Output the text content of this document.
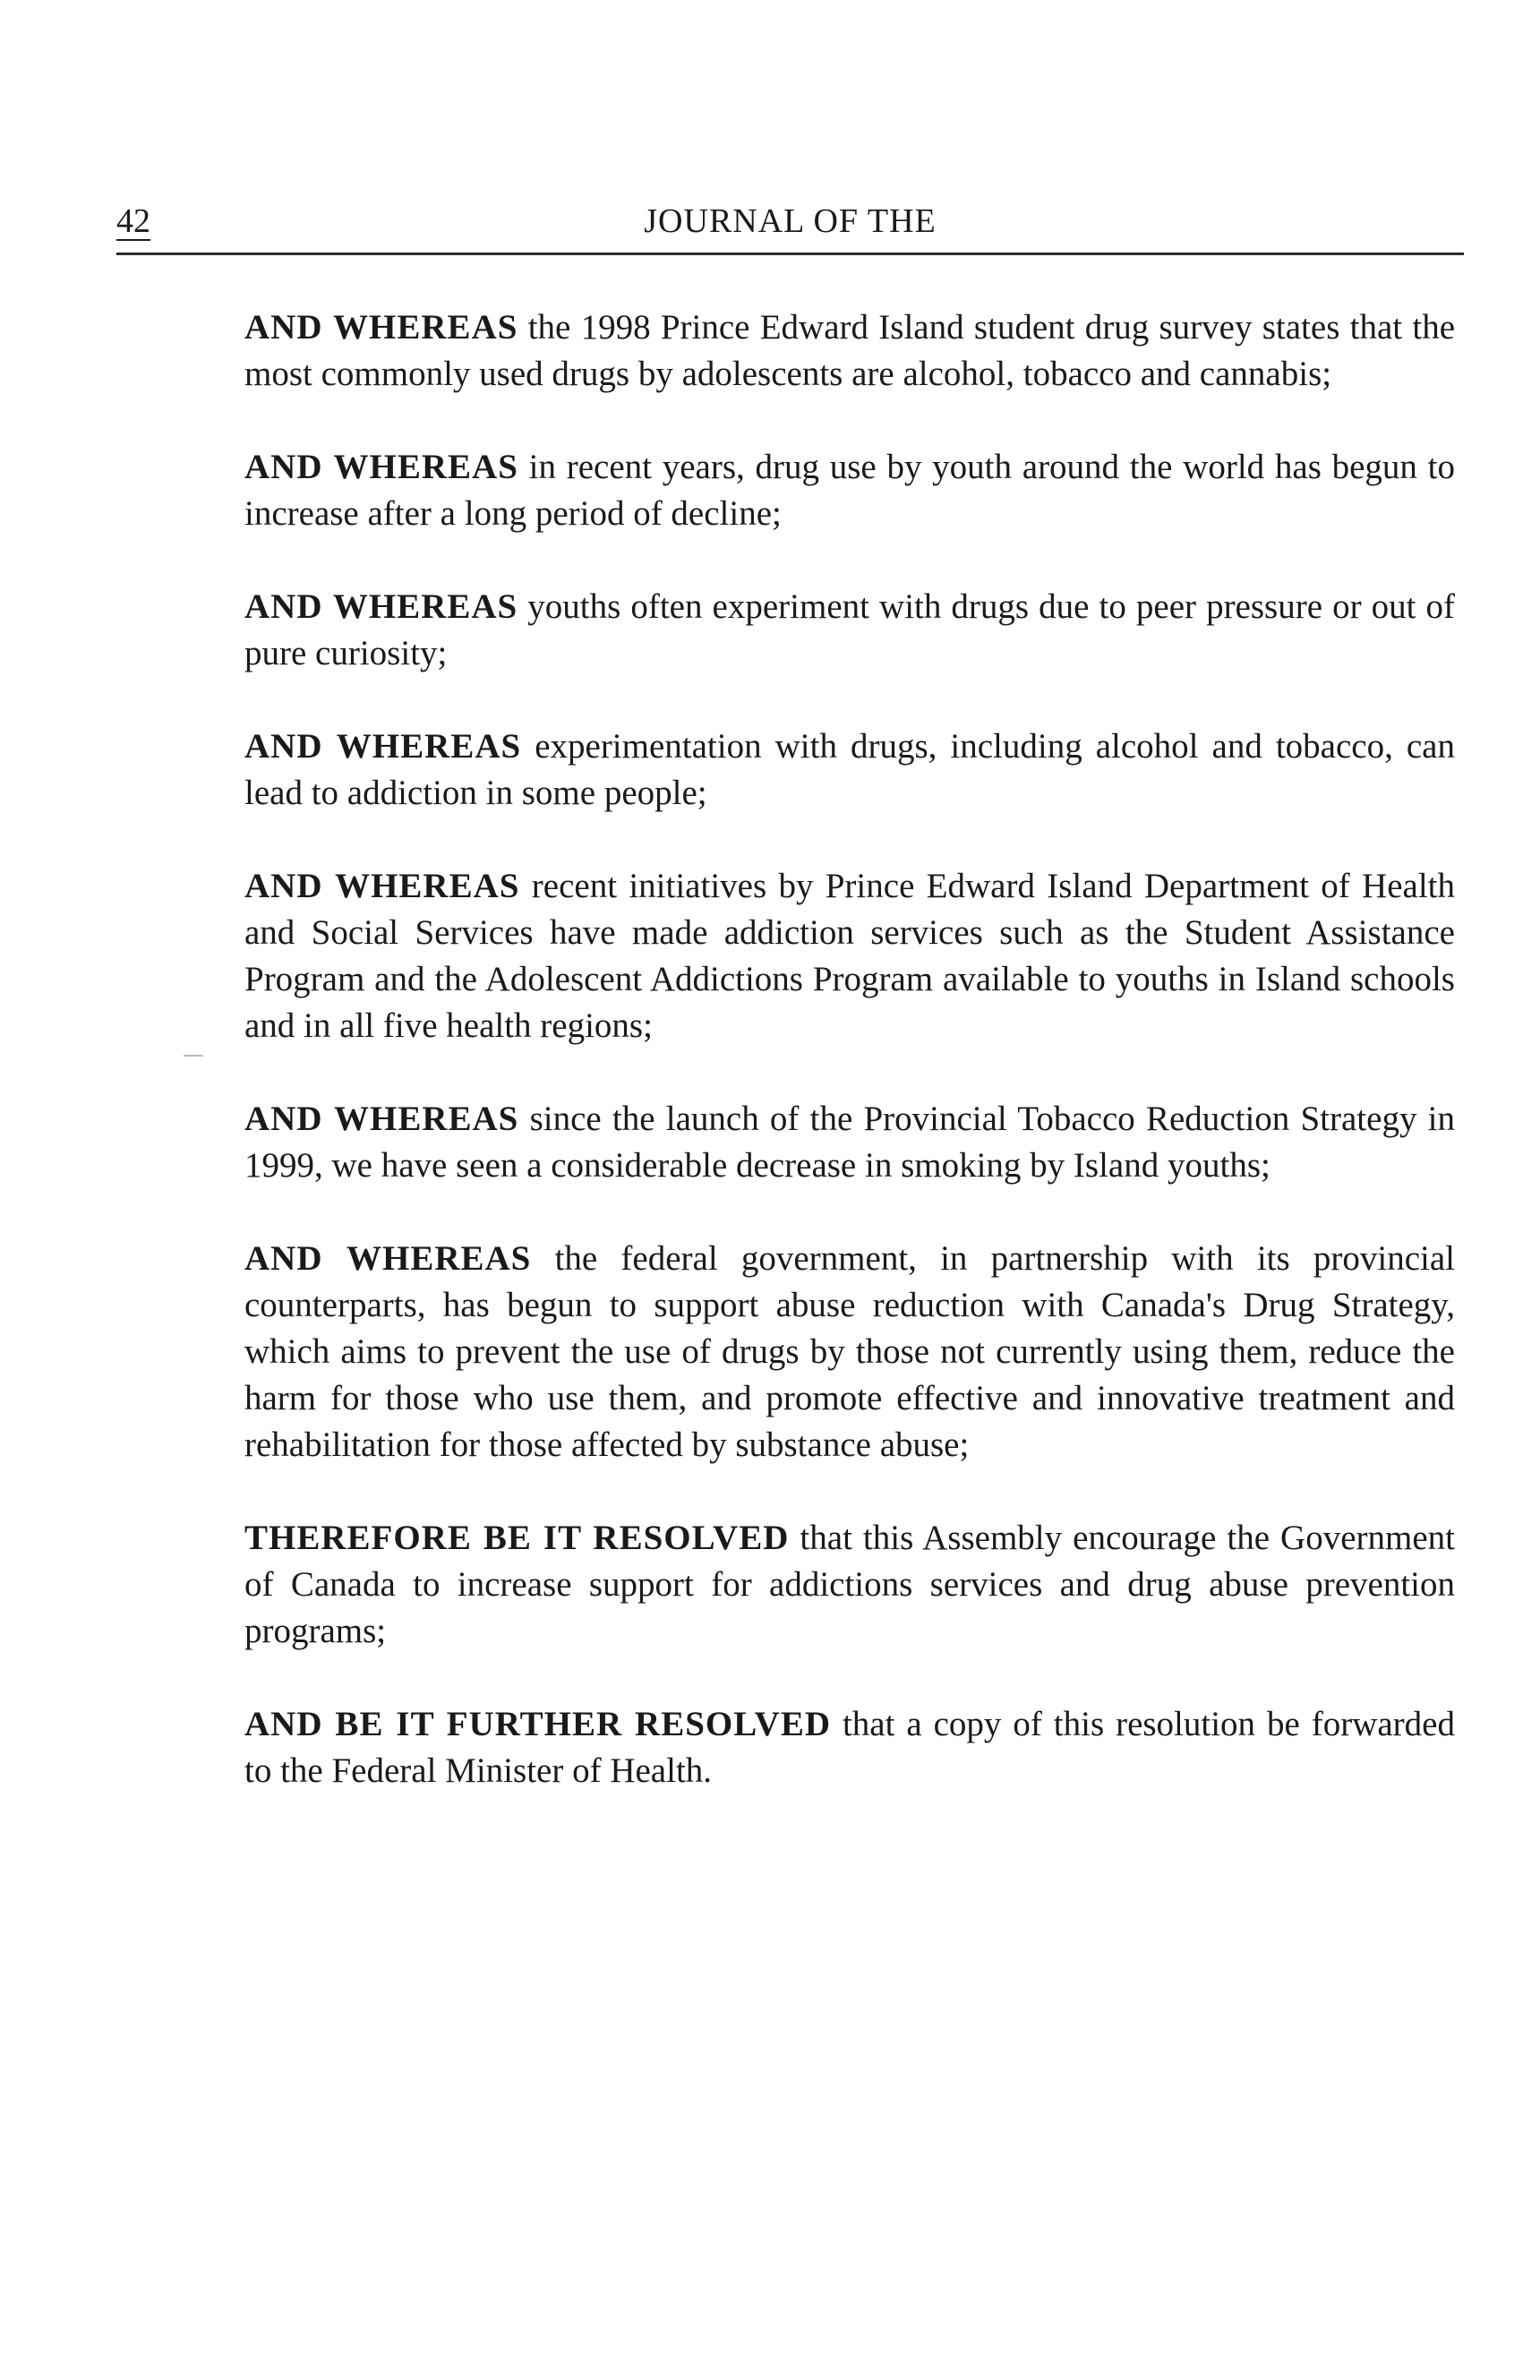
42	JOURNAL OF THE

AND WHEREAS the 1998 Prince Edward Island student drug survey states that the most commonly used drugs by adolescents are alcohol, tobacco and cannabis;

AND WHEREAS in recent years, drug use by youth around the world has begun to increase after a long period of decline;

AND WHEREAS youths often experiment with drugs due to peer pressure or out of pure curiosity;

AND WHEREAS experimentation with drugs, including alcohol and tobacco, can lead to addiction in some people;

AND WHEREAS recent initiatives by Prince Edward Island Department of Health and Social Services have made addiction services such as the Student Assistance Program and the Adolescent Addictions Program available to youths in Island schools and in all five health regions;

AND WHEREAS since the launch of the Provincial Tobacco Reduction Strategy in 1999, we have seen a considerable decrease in smoking by Island youths;

AND WHEREAS the federal government, in partnership with its provincial counterparts, has begun to support abuse reduction with Canada's Drug Strategy, which aims to prevent the use of drugs by those not currently using them, reduce the harm for those who use them, and promote effective and innovative treatment and rehabilitation for those affected by substance abuse;

THEREFORE BE IT RESOLVED that this Assembly encourage the Government of Canada to increase support for addictions services and drug abuse prevention programs;

AND BE IT FURTHER RESOLVED that a copy of this resolution be forwarded to the Federal Minister of Health.
